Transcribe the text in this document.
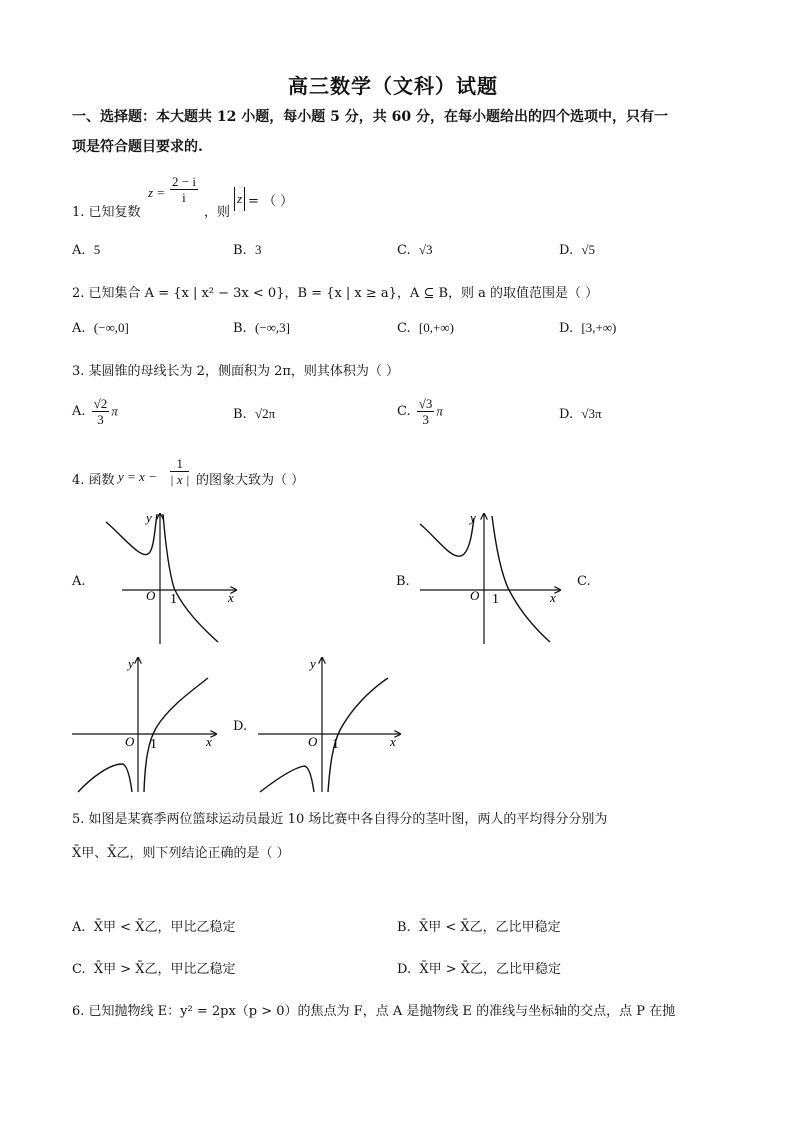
高三数学（文科）试题
一、选择题：本大题共 12 小题，每小题 5 分，共 60 分，在每小题给出的四个选项中，只有一
项是符合题目要求的.
1. 已知复数
$z = \frac{2 - i}{i}$
，则
z = （ ）
A. 5	B. 3	C. √3	D. √5
2. 已知集合 A = {x | x² − 3x < 0}，B = {x | x ≥ a}，A ⊆ B，则 a 的取值范围是（ ）
A. (−∞,0]	B. (−∞,3]	C. [0,+∞)	D. [3,+∞)
3. 某圆锥的母线长为 2，侧面积为 2π，则其体积为（ ）
A. $\frac{√2}{3}$ π	B. √2π	C. $\frac{√3}{3}$ π	D. √3π
4. 函数 $y = x - \frac{1}{| x |}$ 的图象大致为（ ）
A.	B.	C.
D.
y
x
O 1
y
x
O 1
y
x
O 1
y
x
O 1
5. 如图是某赛季两位篮球运动员最近 10 场比赛中各自得分的茎叶图，两人的平均得分分别为
X̄甲、X̄乙，则下列结论正确的是（ ）
A. X̄甲 < X̄乙，甲比乙稳定	B. X̄甲 < X̄乙，乙比甲稳定
C. X̄甲 > X̄乙，甲比乙稳定	D. X̄甲 > X̄乙，乙比甲稳定
6. 已知抛物线 E：y² = 2px（p > 0）的焦点为 F，点 A 是抛物线 E 的准线与坐标轴的交点，点 P 在抛
